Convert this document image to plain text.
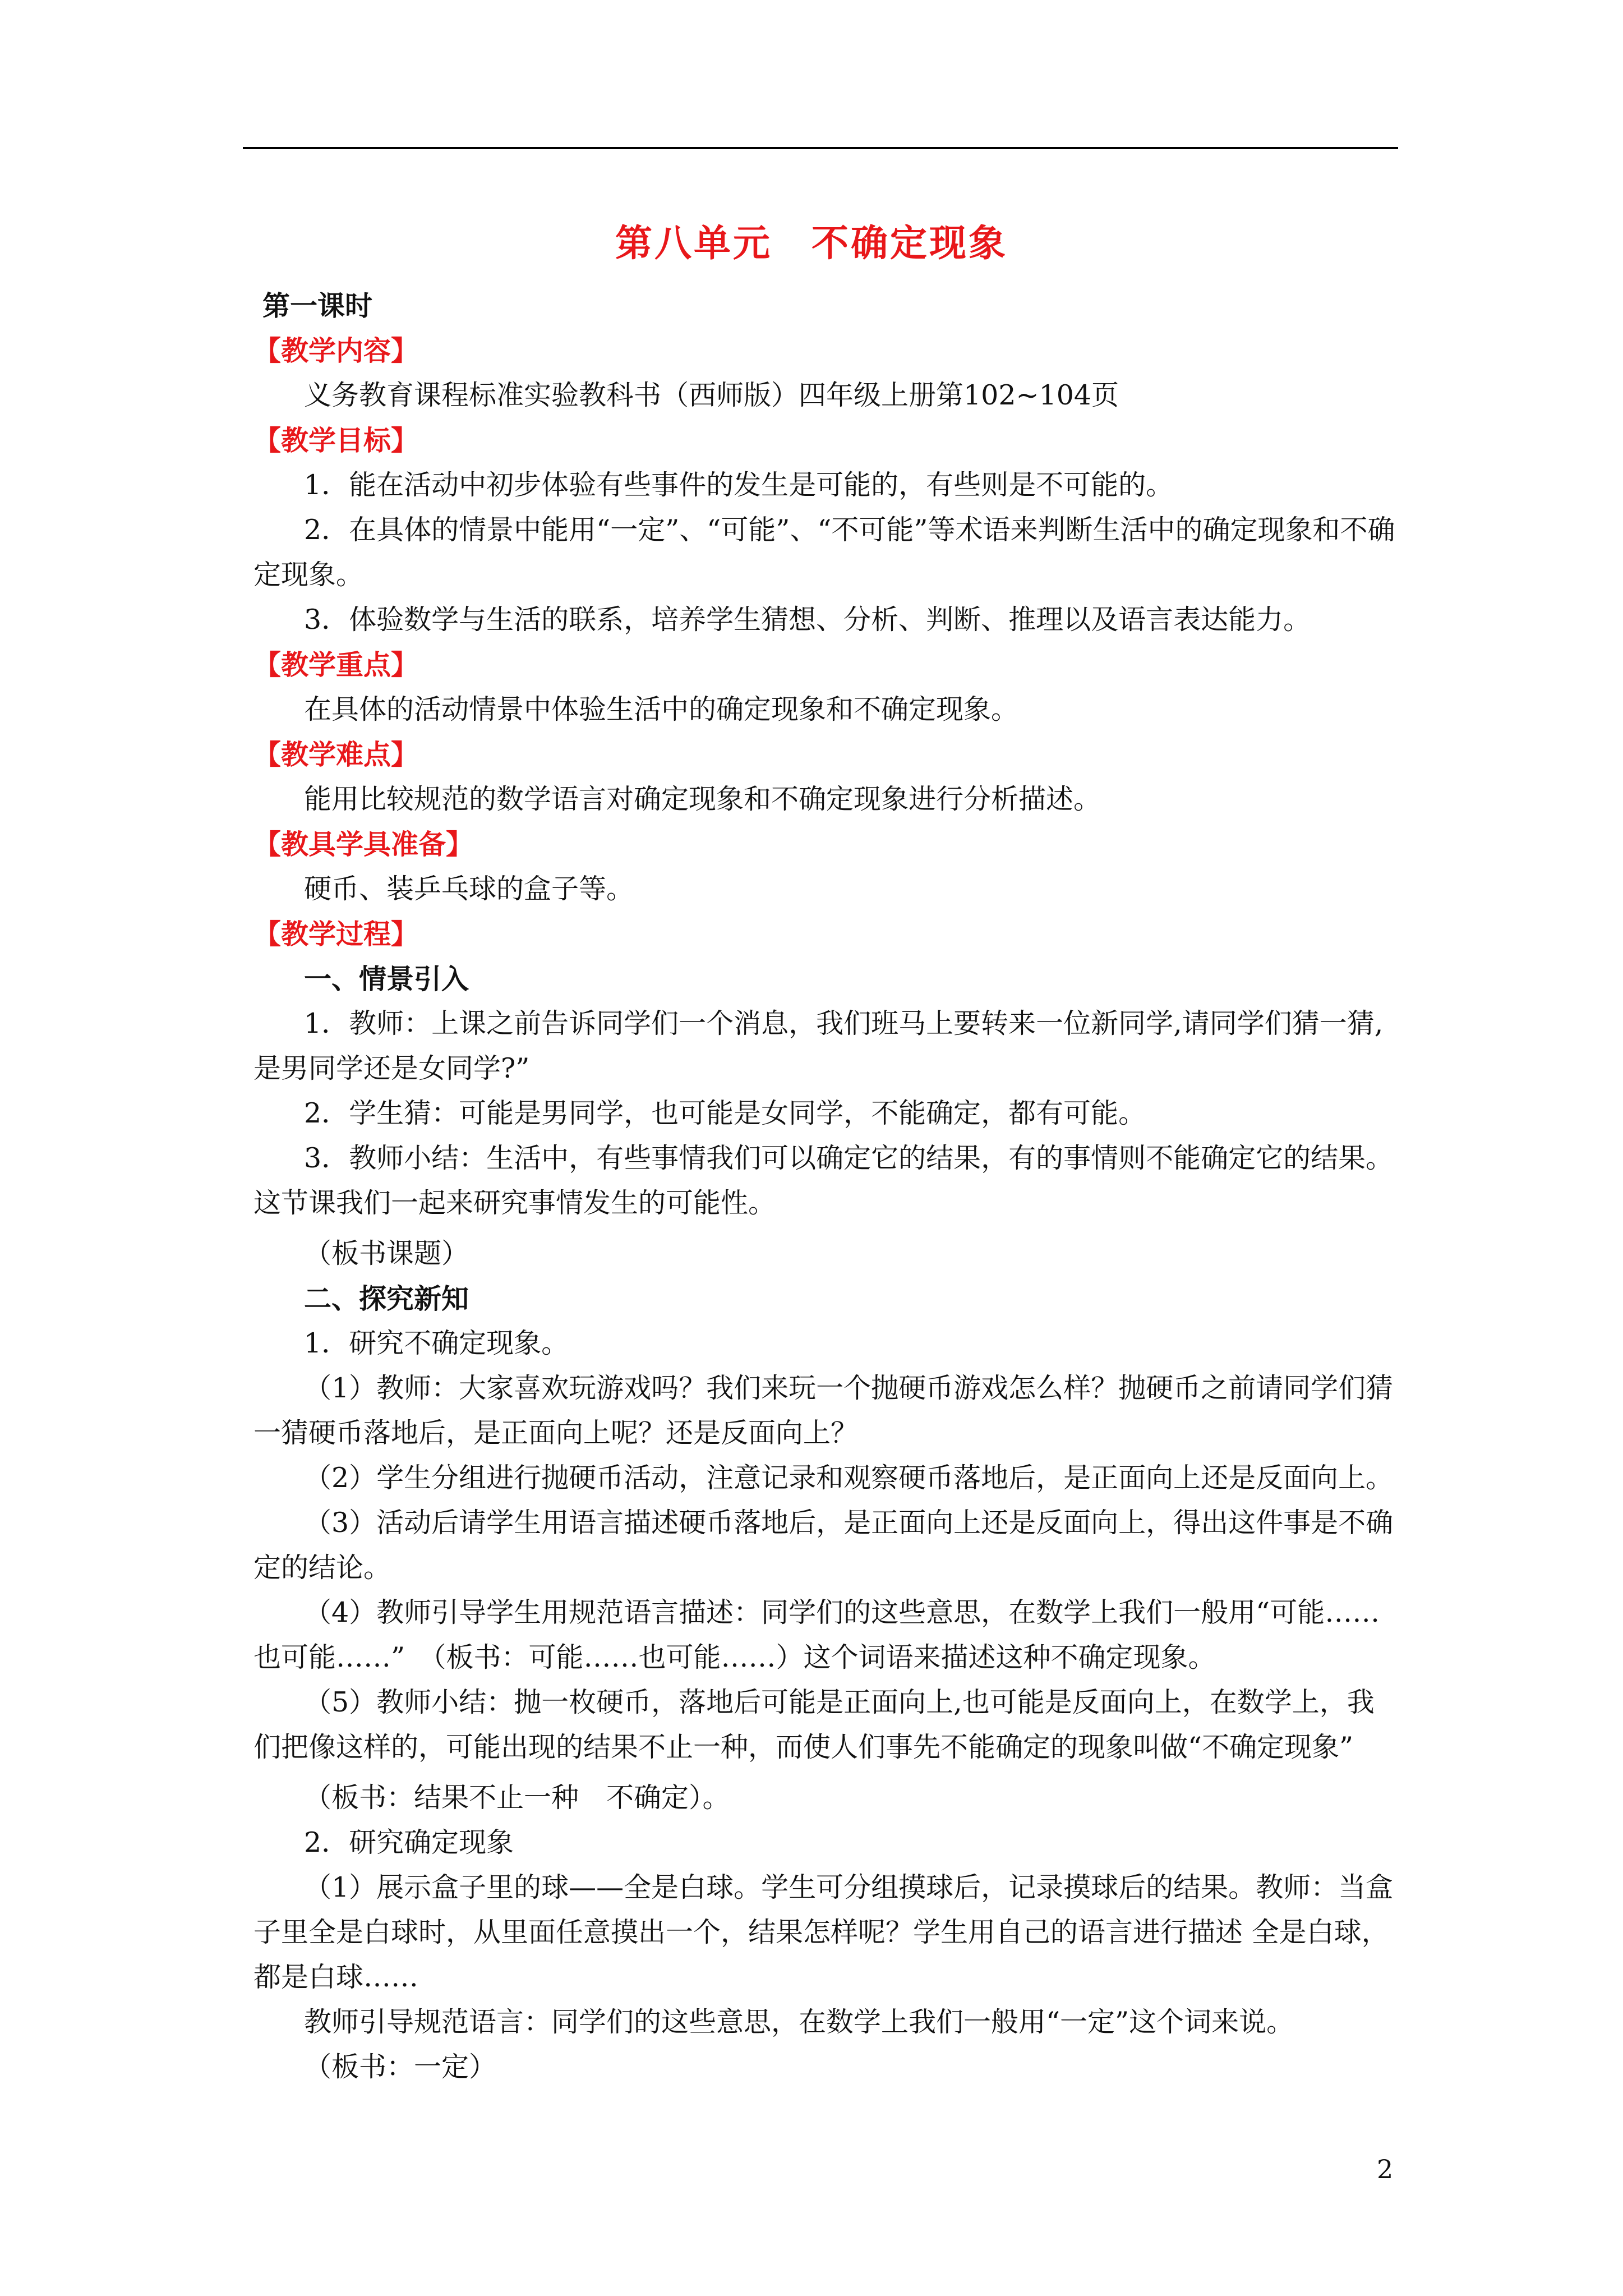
第八单元　不确定现象

第一课时

【教学内容】

义务教育课程标准实验教科书（西师版）四年级上册第102~104页

【教学目标】

1．能在活动中初步体验有些事件的发生是可能的，有些则是不可能的。

2．在具体的情景中能用“一定”、“可能”、“不可能”等术语来判断生活中的确定现象和不确定现象。

3．体验数学与生活的联系，培养学生猜想、分析、判断、推理以及语言表达能力。

【教学重点】

在具体的活动情景中体验生活中的确定现象和不确定现象。

【教学难点】

能用比较规范的数学语言对确定现象和不确定现象进行分析描述。

【教具学具准备】

硬币、装乒乓球的盒子等。

【教学过程】

一、情景引入

1．教师：上课之前告诉同学们一个消息，我们班马上要转来一位新同学,请同学们猜一猜,是男同学还是女同学?”

2．学生猜：可能是男同学，也可能是女同学，不能确定，都有可能。

3．教师小结：生活中，有些事情我们可以确定它的结果，有的事情则不能确定它的结果。这节课我们一起来研究事情发生的可能性。

（板书课题）

二、探究新知

1．研究不确定现象。

（1）教师：大家喜欢玩游戏吗？我们来玩一个抛硬币游戏怎么样？抛硬币之前请同学们猜一猜硬币落地后，是正面向上呢？还是反面向上？

（2）学生分组进行抛硬币活动，注意记录和观察硬币落地后，是正面向上还是反面向上。

（3）活动后请学生用语言描述硬币落地后，是正面向上还是反面向上，得出这件事是不确定的结论。

（4）教师引导学生用规范语言描述：同学们的这些意思，在数学上我们一般用“可能……也可能……”　（板书：可能……也可能……）这个词语来描述这种不确定现象。

（5）教师小结：抛一枚硬币，落地后可能是正面向上,也可能是反面向上，在数学上，我们把像这样的，可能出现的结果不止一种，而使人们事先不能确定的现象叫做“不确定现象”

（板书：结果不止一种　不确定）。

2．研究确定现象

（1）展示盒子里的球——全是白球。学生可分组摸球后，记录摸球后的结果。教师：当盒子里全是白球时，从里面任意摸出一个，结果怎样呢？学生用自己的语言进行描述 全是白球，都是白球……

教师引导规范语言：同学们的这些意思，在数学上我们一般用“一定”这个词来说。

（板书：一定）

2
